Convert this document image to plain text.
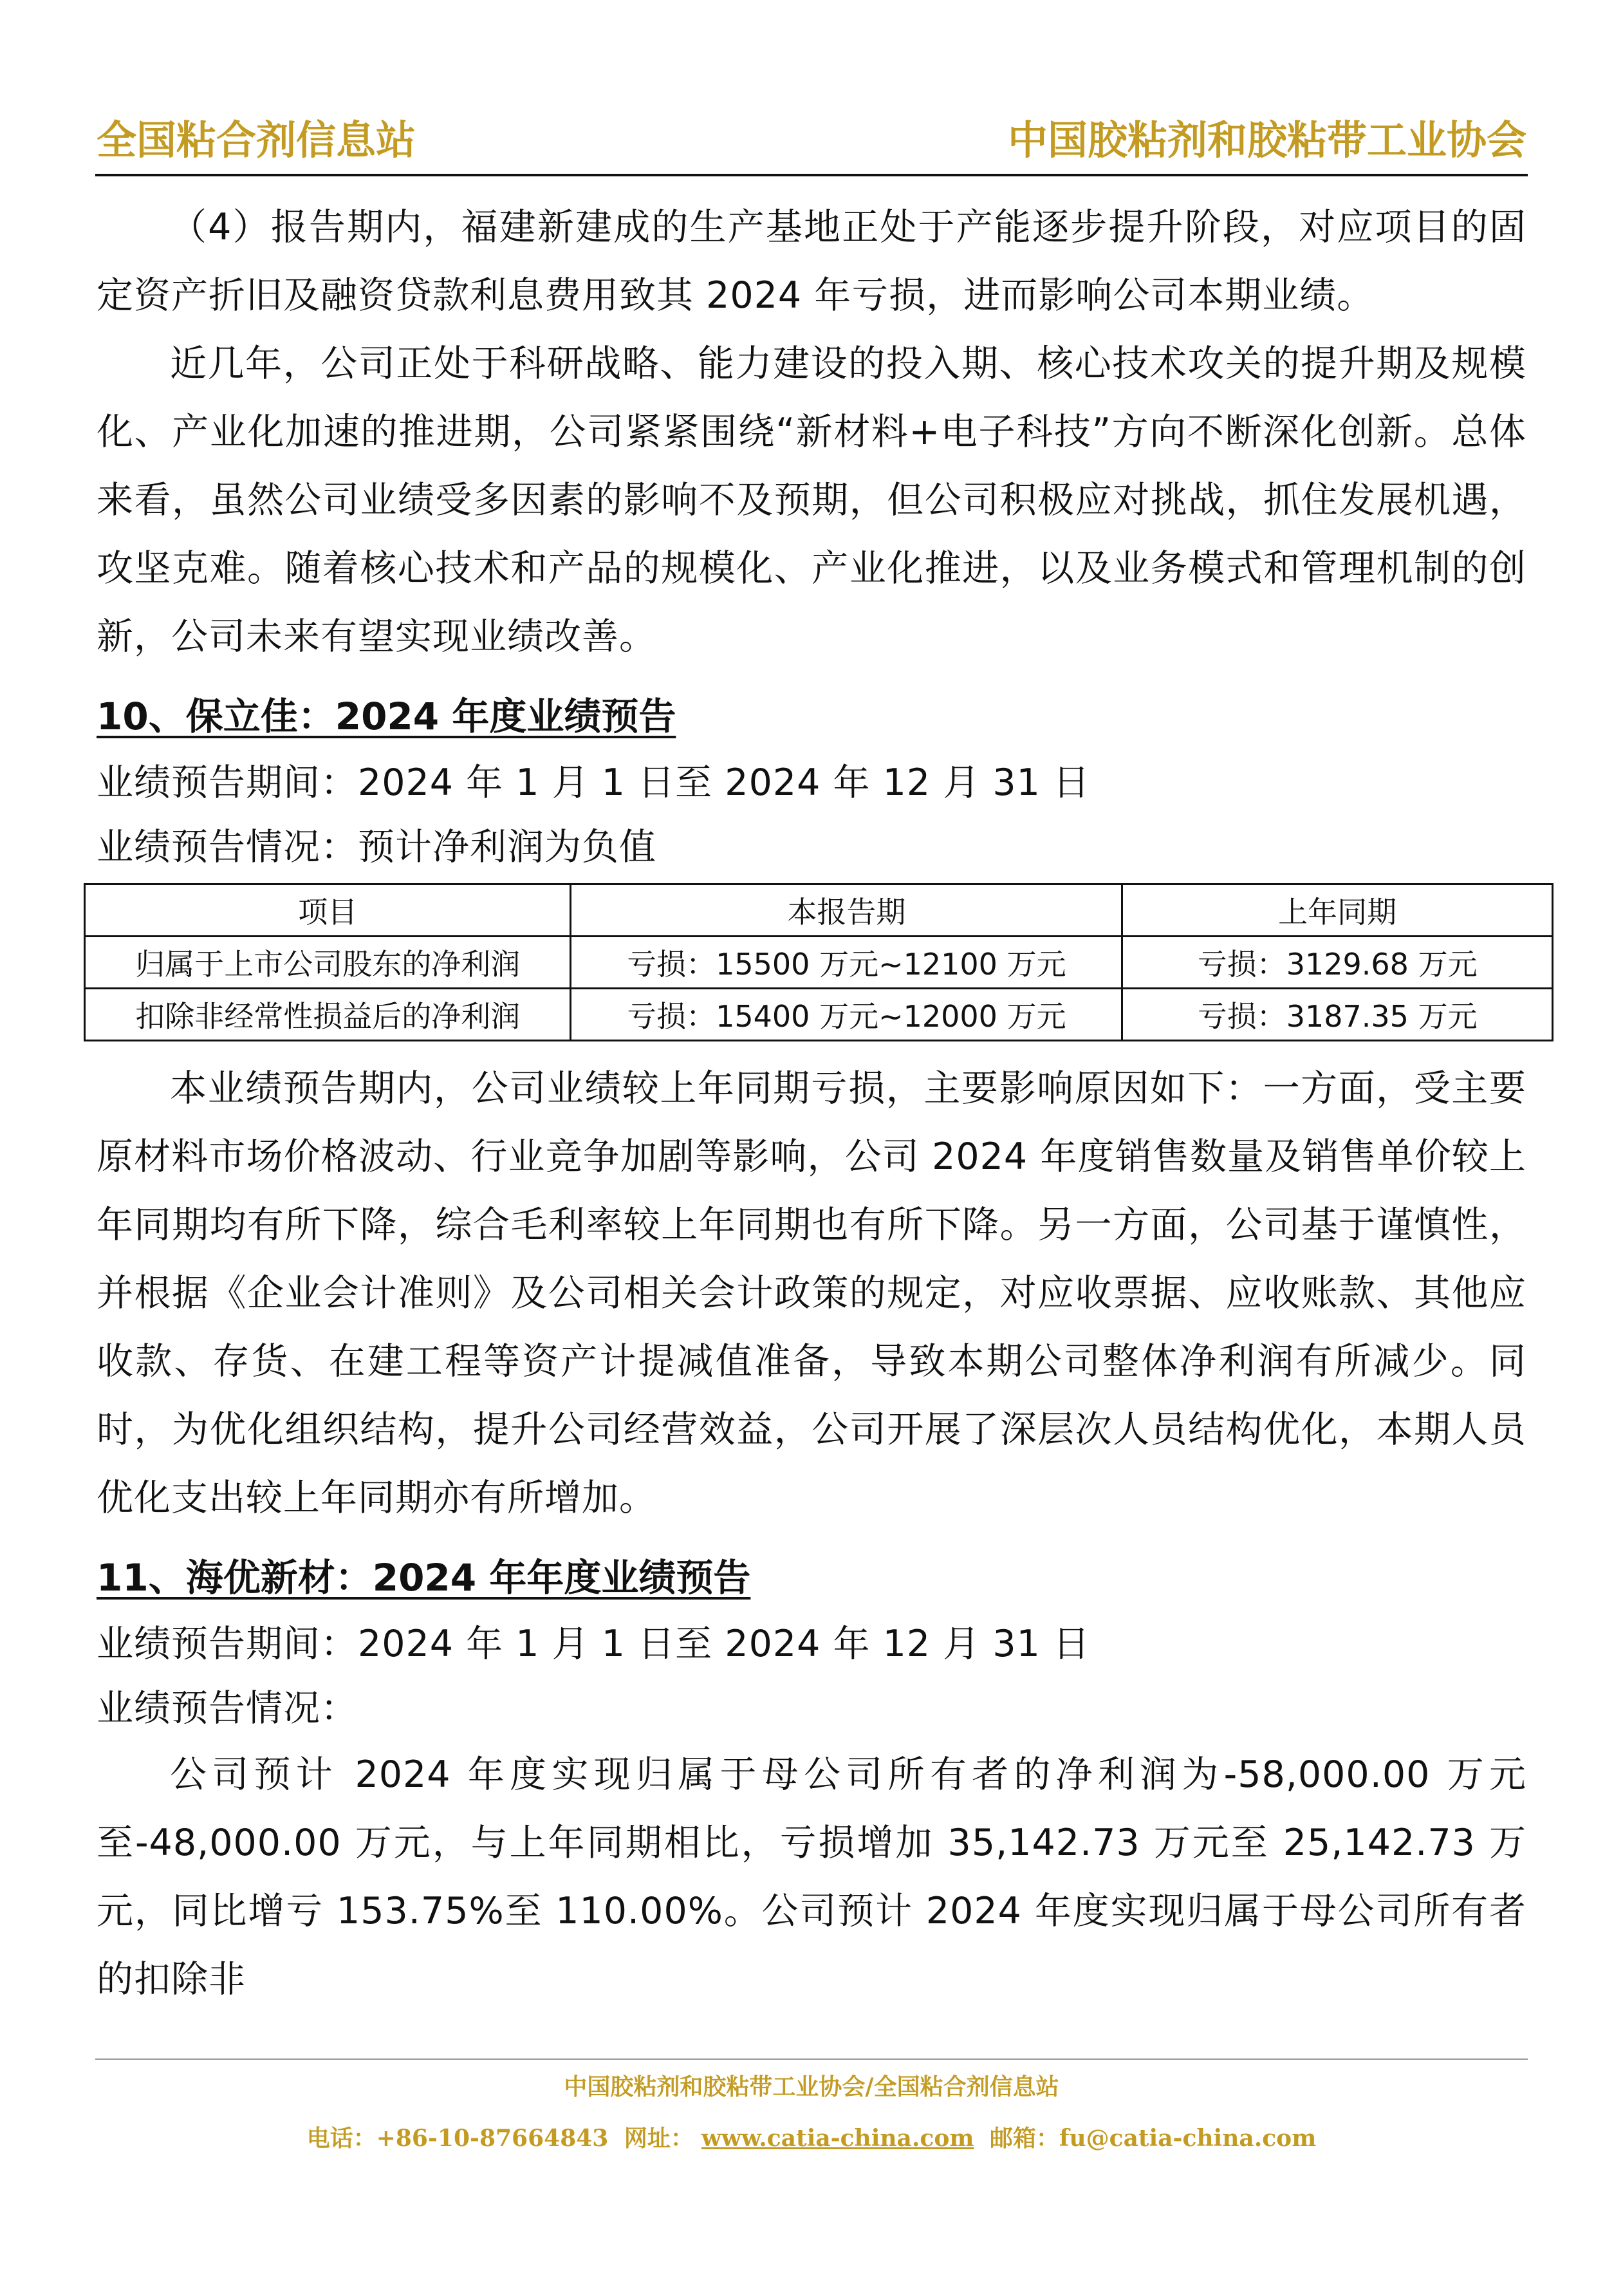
全国粘合剂信息站	中国胶粘剂和胶粘带工业协会

（4）报告期内，福建新建成的生产基地正处于产能逐步提升阶段，对应项目的固定资产折旧及融资贷款利息费用致其 2024 年亏损，进而影响公司本期业绩。

近几年，公司正处于科研战略、能力建设的投入期、核心技术攻关的提升期及规模化、产业化加速的推进期，公司紧紧围绕“新材料+电子科技”方向不断深化创新。总体来看，虽然公司业绩受多因素的影响不及预期，但公司积极应对挑战，抓住发展机遇，攻坚克难。随着核心技术和产品的规模化、产业化推进，以及业务模式和管理机制的创新，公司未来有望实现业绩改善。

10、保立佳：2024 年度业绩预告

业绩预告期间：2024 年 1 月 1 日至 2024 年 12 月 31 日

业绩预告情况：预计净利润为负值

项目	本报告期	上年同期
归属于上市公司股东的净利润	亏损：15500 万元~12100 万元	亏损：3129.68 万元
扣除非经常性损益后的净利润	亏损：15400 万元~12000 万元	亏损：3187.35 万元

本业绩预告期内，公司业绩较上年同期亏损，主要影响原因如下：一方面，受主要原材料市场价格波动、行业竞争加剧等影响，公司 2024 年度销售数量及销售单价较上年同期均有所下降，综合毛利率较上年同期也有所下降。另一方面，公司基于谨慎性，并根据《企业会计准则》及公司相关会计政策的规定，对应收票据、应收账款、其他应收款、存货、在建工程等资产计提减值准备，导致本期公司整体净利润有所减少。同时，为优化组织结构，提升公司经营效益，公司开展了深层次人员结构优化，本期人员优化支出较上年同期亦有所增加。

11、海优新材：2024 年年度业绩预告

业绩预告期间：2024 年 1 月 1 日至 2024 年 12 月 31 日

业绩预告情况：

公司预计 2024 年度实现归属于母公司所有者的净利润为-58,000.00 万元至-48,000.00 万元，与上年同期相比，亏损增加 35,142.73 万元至 25,142.73 万元，同比增亏 153.75%至 110.00%。公司预计 2024 年度实现归属于母公司所有者的扣除非

中国胶粘剂和胶粘带工业协会/全国粘合剂信息站
电话：+86-10-87664843 网址： www.catia-china.com 邮箱：fu@catia-china.com
